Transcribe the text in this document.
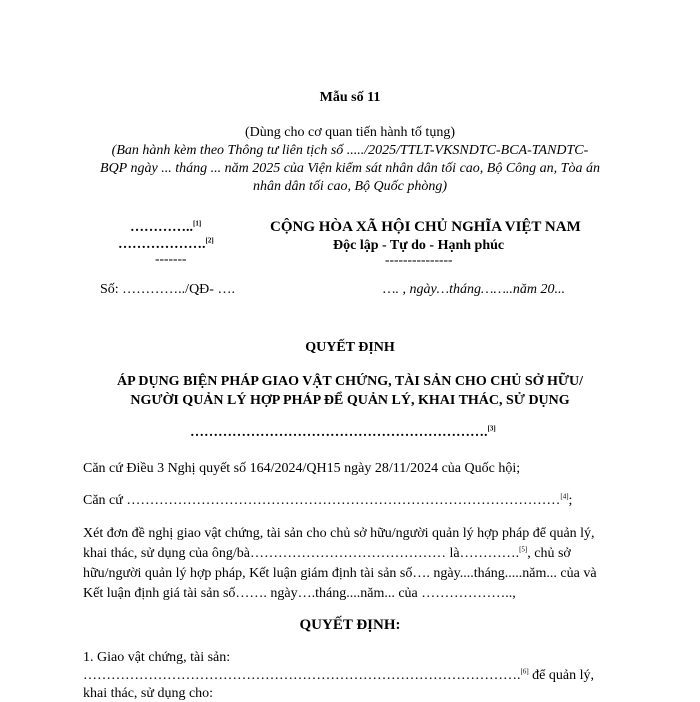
Mẫu số 11
(Dùng cho cơ quan tiến hành tố tụng)
(Ban hành kèm theo Thông tư liên tịch số ...../2025/TTLT-VKSNDTC-BCA-TANDTC-
BQP ngày ... tháng ... năm 2025 của Viện kiểm sát nhân dân tối cao, Bộ Công an, Tòa án
nhân dân tối cao, Bộ Quốc phòng)
…………..[1]
……………….[2]
-------
CỘNG HÒA XÃ HỘI CHỦ NGHĨA VIỆT NAM
Độc lập - Tự do - Hạnh phúc
---------------
Số: …………../QĐ- ….	…. , ngày…tháng……..năm 20...
QUYẾT ĐỊNH
ÁP DỤNG BIỆN PHÁP GIAO VẬT CHỨNG, TÀI SẢN CHO CHỦ SỞ HỮU/
NGƯỜI QUẢN LÝ HỢP PHÁP ĐỂ QUẢN LÝ, KHAI THÁC, SỬ DỤNG
……………………………………………………….[3]
Căn cứ Điều 3 Nghị quyết số 164/2024/QH15 ngày 28/11/2024 của Quốc hội;
Căn cứ …………………………………………………………………………………[4];
Xét đơn đề nghị giao vật chứng, tài sản cho chủ sở hữu/người quản lý hợp pháp để quản lý, khai thác, sử dụng của ông/bà…………………………………… là………….[5], chủ sở hữu/người quản lý hợp pháp, Kết luận giám định tài sản số…. ngày....tháng.....năm... của và Kết luận định giá tài sản số……. ngày….tháng....năm... của ………………..,
QUYẾT ĐỊNH:
1. Giao vật chứng, tài sản:
………………………………………………………………………………….[6] để quản lý,
khai thác, sử dụng cho:
